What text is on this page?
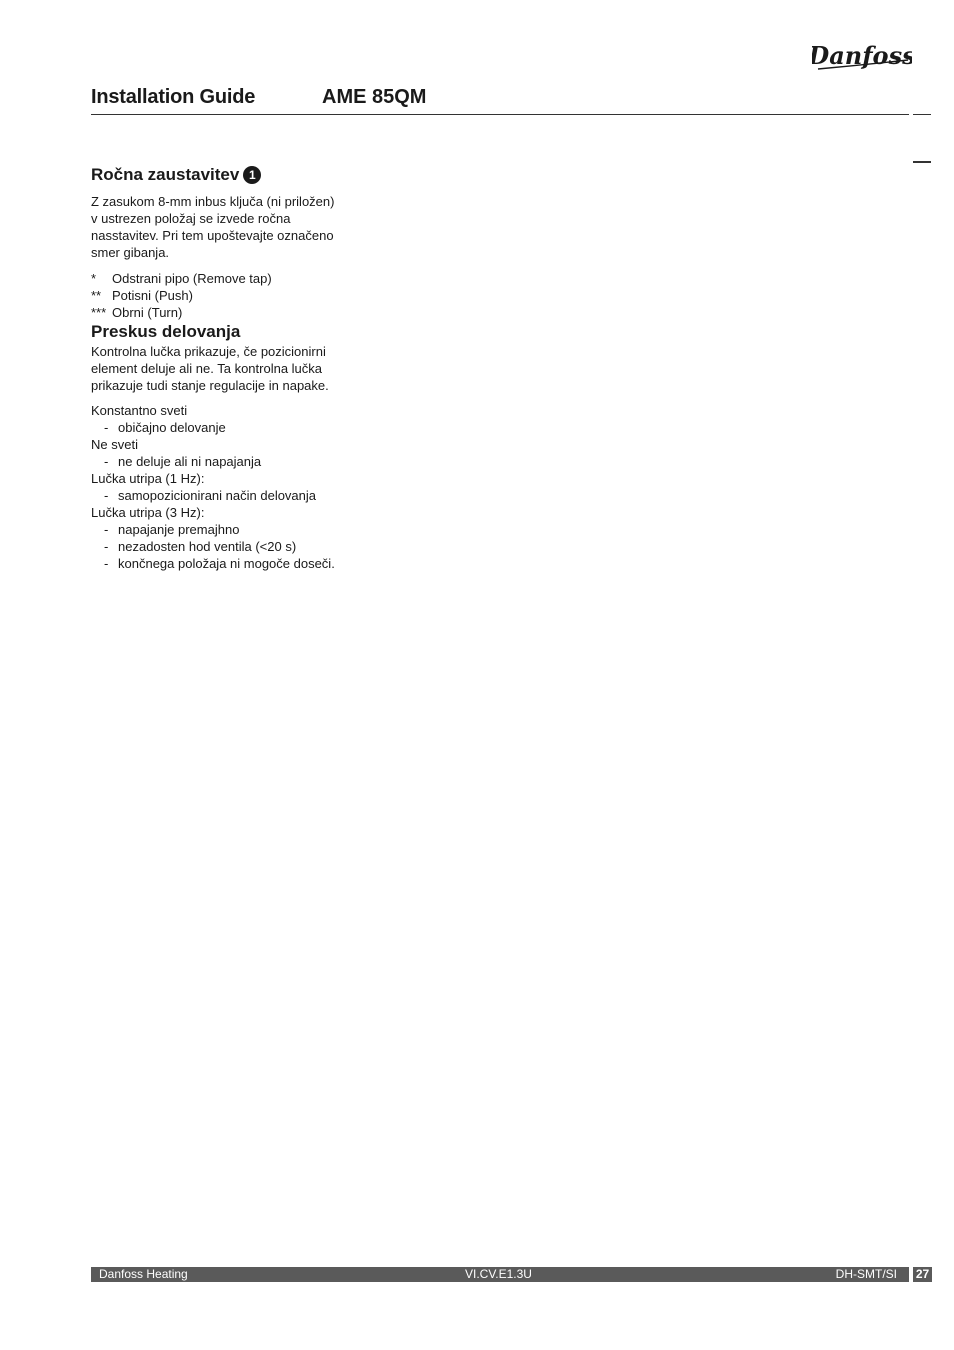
Danfoss
Installation Guide	AME 85QM
Ročna zaustavitev 1

Z zasukom 8-mm inbus ključa (ni priložen)
v ustrezen položaj se izvede ročna
nasstavitev. Pri tem upoštevajte označeno
smer gibanja.

*	Odstrani pipo (Remove tap)
** Potisni (Push)
*** Obrni (Turn)
Preskus delovanja

Kontrolna lučka prikazuje, če pozicionirni
element deluje ali ne. Ta kontrolna lučka
prikazuje tudi stanje regulacije in napake.

Konstantno sveti
- običajno delovanje
Ne sveti
- ne deluje ali ni napajanja
Lučka utripa (1 Hz):
- samopozicionirani način delovanja
Lučka utripa (3 Hz):
- napajanje premajhno
- nezadosten hod ventila (<20 s)
- končnega položaja ni mogoče doseči.
Danfoss Heating	VI.CV.E1.3U	DH-SMT/SI 27
